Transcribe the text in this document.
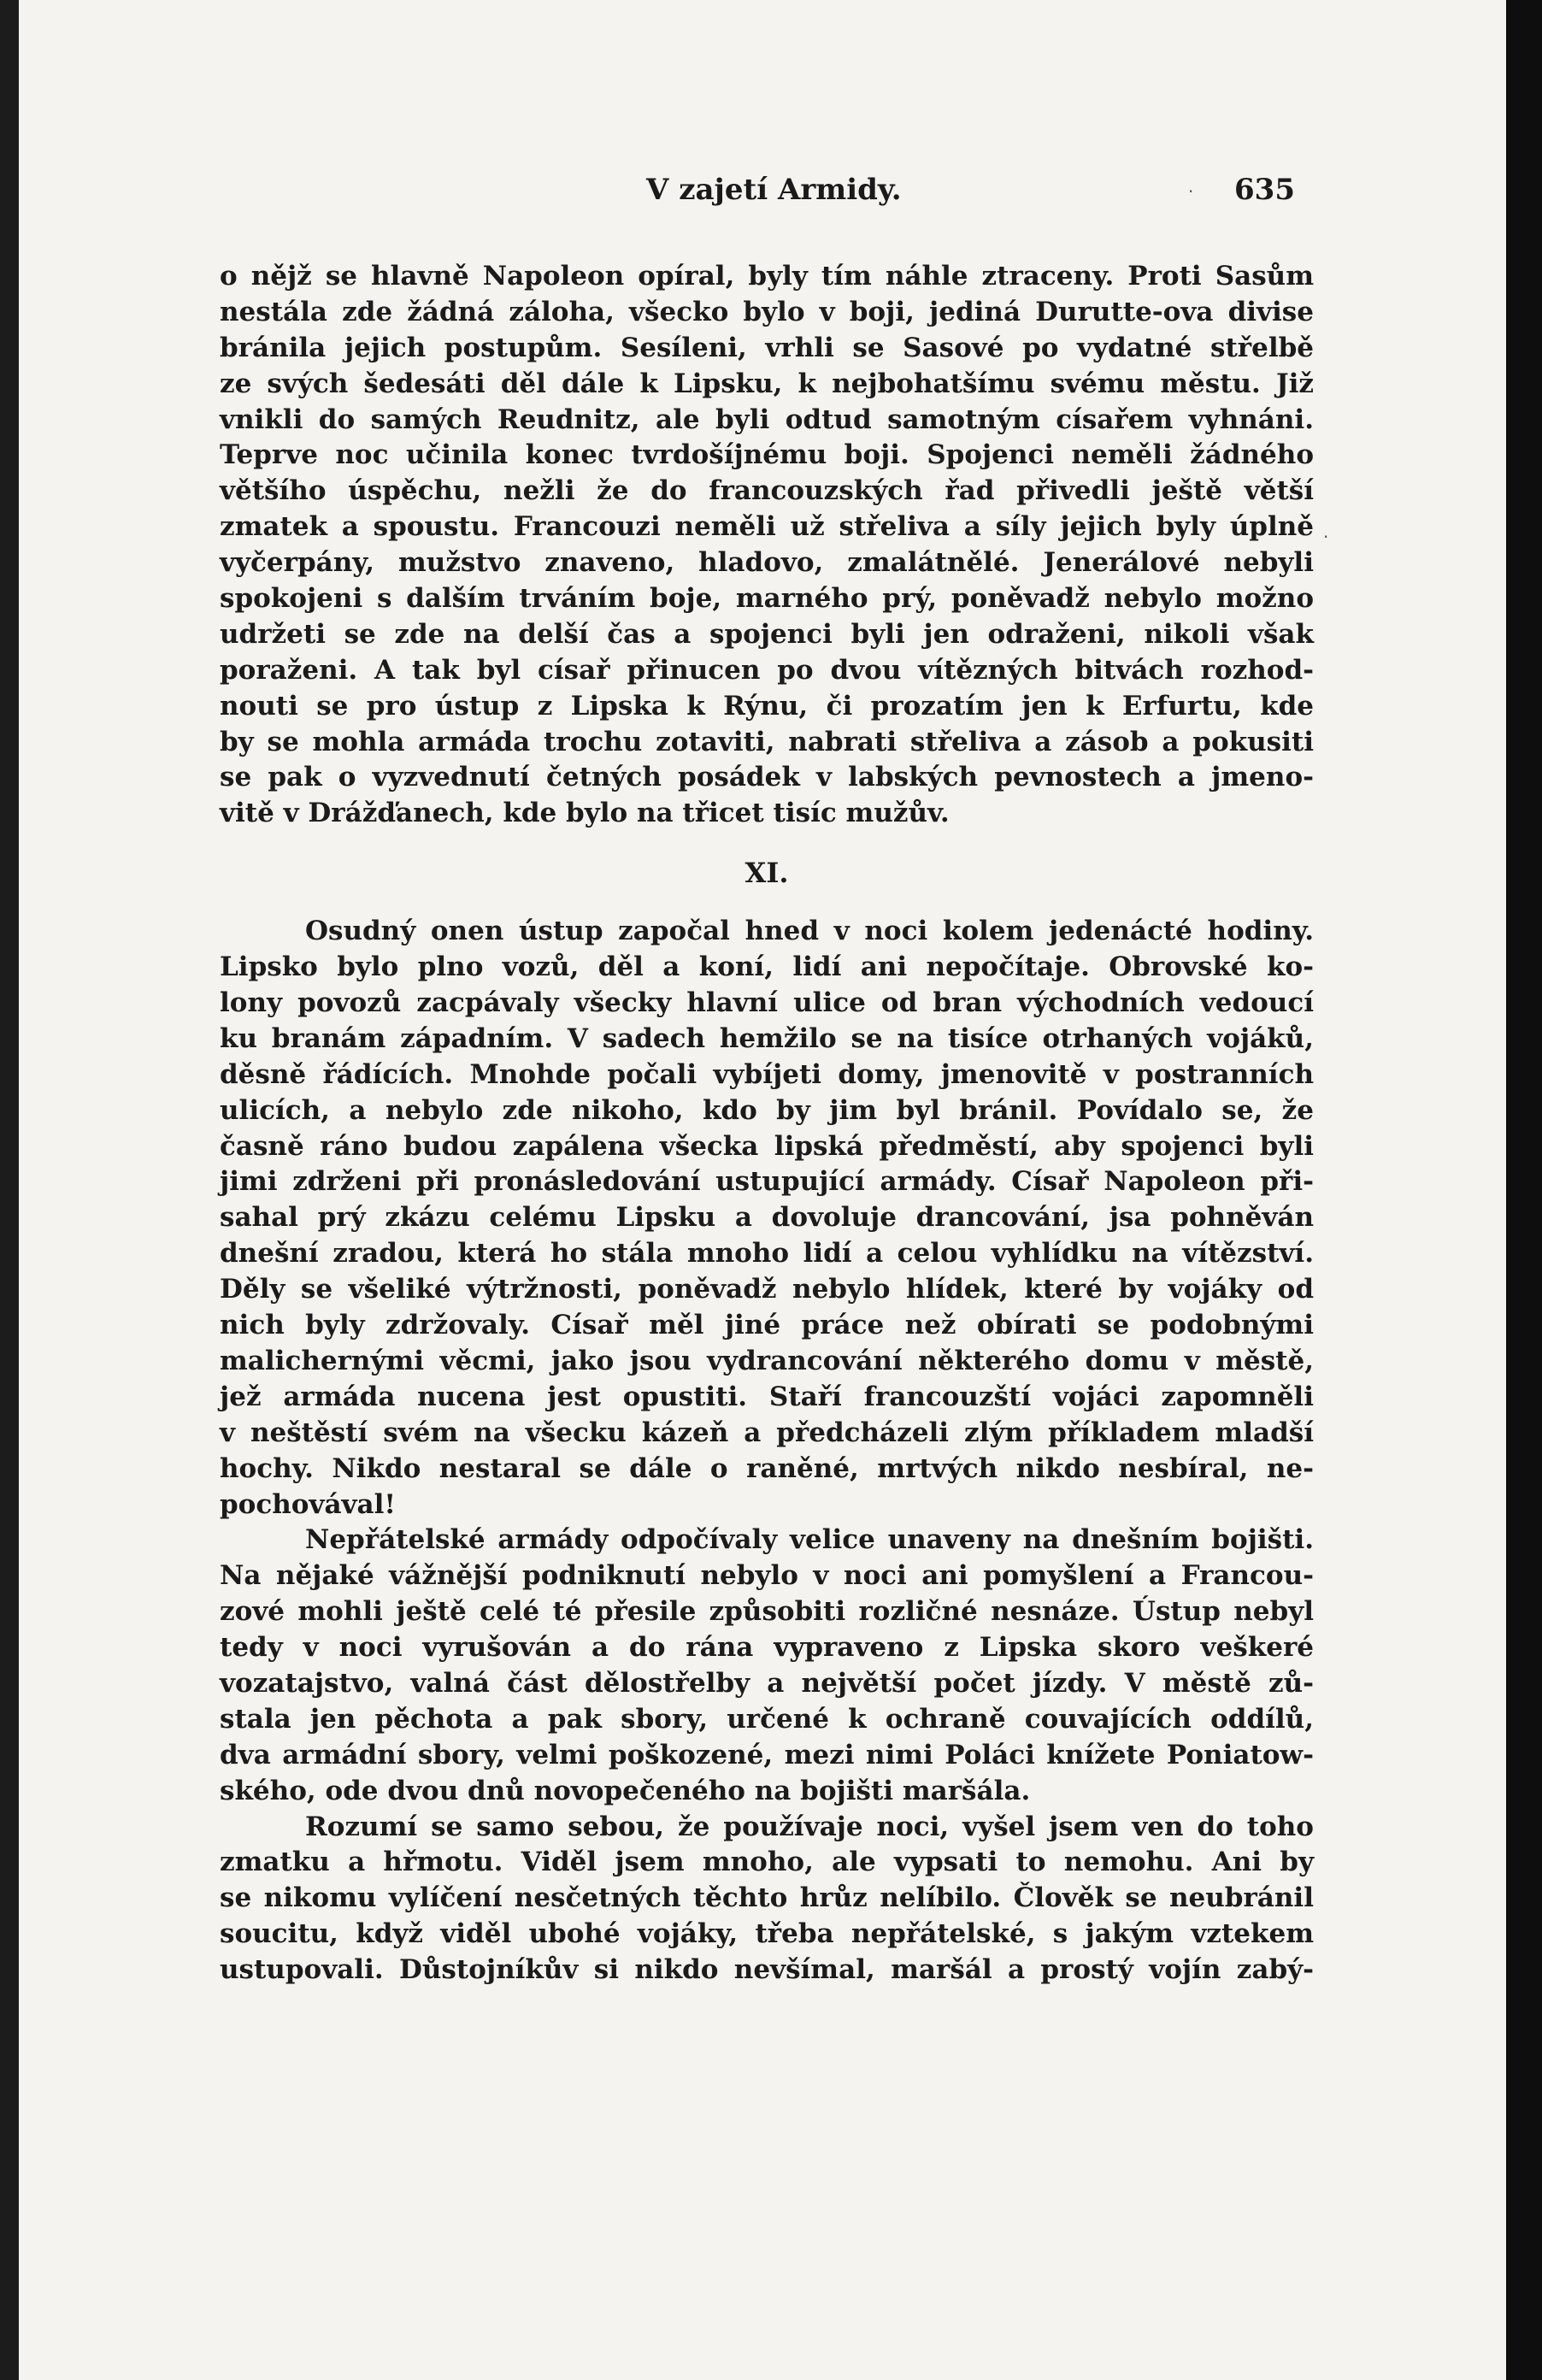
V zajetí Armidy.	635
·
·
o nějž se hlavně Napoleon opíral, byly tím náhle ztraceny. Proti Sasům
nestála zde žádná záloha, všecko bylo v boji, jediná Durutte-ova divise
bránila jejich postupům. Sesíleni, vrhli se Sasové po vydatné střelbě
ze svých šedesáti děl dále k Lipsku, k nejbohatšímu svému městu. Již
vnikli do samých Reudnitz, ale byli odtud samotným císařem vyhnáni.
Teprve noc učinila konec tvrdošíjnému boji. Spojenci neměli žádného
většího úspěchu, nežli že do francouzských řad přivedli ještě větší
zmatek a spoustu. Francouzi neměli už střeliva a síly jejich byly úplně
vyčerpány, mužstvo znaveno, hladovo, zmalátnělé. Jenerálové nebyli
spokojeni s dalším trváním boje, marného prý, poněvadž nebylo možno
udržeti se zde na delší čas a spojenci byli jen odraženi, nikoli však
poraženi. A tak byl císař přinucen po dvou vítězných bitvách rozhod-
nouti se pro ústup z Lipska k Rýnu, či prozatím jen k Erfurtu, kde
by se mohla armáda trochu zotaviti, nabrati střeliva a zásob a pokusiti
se pak o vyzvednutí četných posádek v labských pevnostech a jmeno-
vitě v Drážďanech, kde bylo na třicet tisíc mužův.
XI.
Osudný onen ústup započal hned v noci kolem jedenácté hodiny.
Lipsko bylo plno vozů, děl a koní, lidí ani nepočítaje. Obrovské ko-
lony povozů zacpávaly všecky hlavní ulice od bran východních vedoucí
ku branám západním. V sadech hemžilo se na tisíce otrhaných vojáků,
děsně řádících. Mnohde počali vybíjeti domy, jmenovitě v postranních
ulicích, a nebylo zde nikoho, kdo by jim byl bránil. Povídalo se, že
časně ráno budou zapálena všecka lipská předměstí, aby spojenci byli
jimi zdrženi při pronásledování ustupující armády. Císař Napoleon při-
sahal prý zkázu celému Lipsku a dovoluje drancování, jsa pohněván
dnešní zradou, která ho stála mnoho lidí a celou vyhlídku na vítězství.
Děly se všeliké výtržnosti, poněvadž nebylo hlídek, které by vojáky od
nich byly zdržovaly. Císař měl jiné práce než obírati se podobnými
malichernými věcmi, jako jsou vydrancování některého domu v městě,
jež armáda nucena jest opustiti. Staří francouzští vojáci zapomněli
v neštěstí svém na všecku kázeň a předcházeli zlým příkladem mladší
hochy. Nikdo nestaral se dále o raněné, mrtvých nikdo nesbíral, ne-
pochovával!
Nepřátelské armády odpočívaly velice unaveny na dnešním bojišti.
Na nějaké vážnější podniknutí nebylo v noci ani pomyšlení a Francou-
zové mohli ještě celé té přesile způsobiti rozličné nesnáze. Ústup nebyl
tedy v noci vyrušován a do rána vypraveno z Lipska skoro veškeré
vozatajstvo, valná část dělostřelby a největší počet jízdy. V městě zů-
stala jen pěchota a pak sbory, určené k ochraně couvajících oddílů,
dva armádní sbory, velmi poškozené, mezi nimi Poláci knížete Poniatow-
ského, ode dvou dnů novopečeného na bojišti maršála.
Rozumí se samo sebou, že používaje noci, vyšel jsem ven do toho
zmatku a hřmotu. Viděl jsem mnoho, ale vypsati to nemohu. Ani by
se nikomu vylíčení nesčetných těchto hrůz nelíbilo. Člověk se neubránil
soucitu, když viděl ubohé vojáky, třeba nepřátelské, s jakým vztekem
ustupovali. Důstojníkův si nikdo nevšímal, maršál a prostý vojín zabý-
